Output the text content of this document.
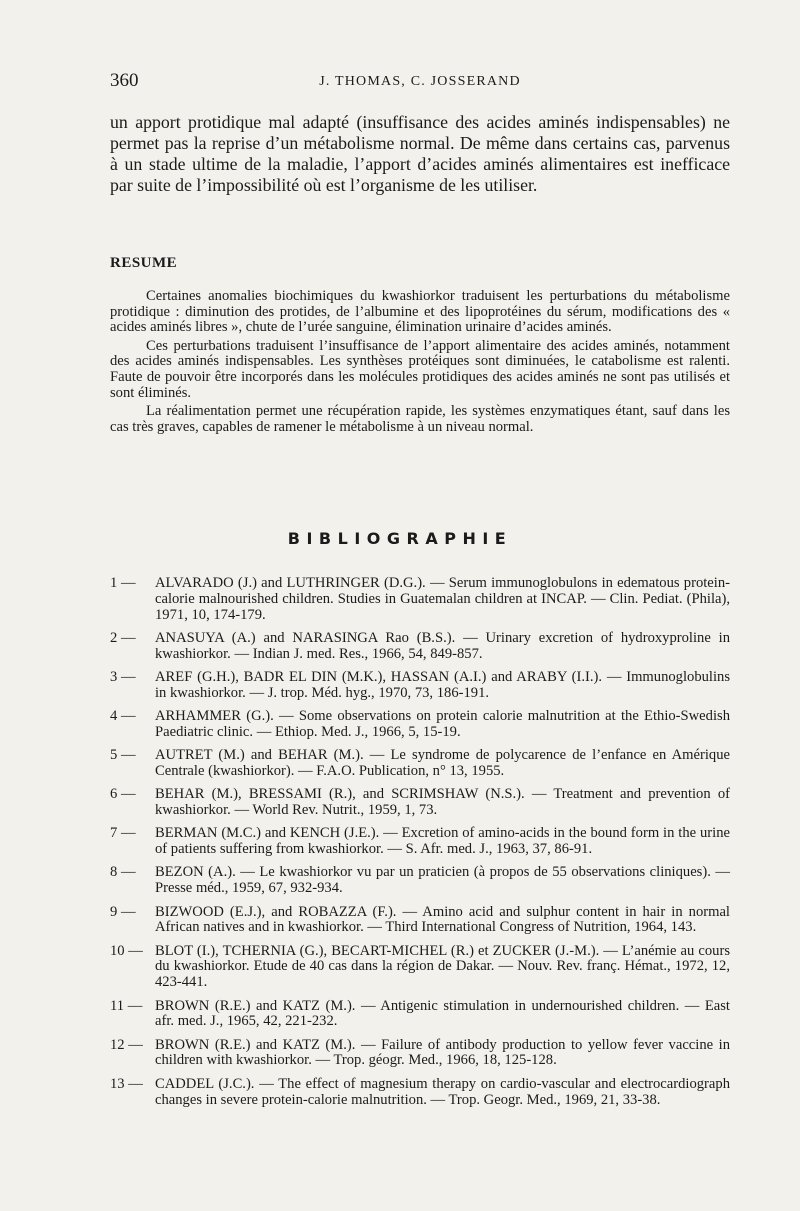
360	J. THOMAS, C. JOSSERAND

un apport protidique mal adapté (insuffisance des acides aminés indispensables) ne permet pas la reprise d’un métabolisme normal. De même dans certains cas, parvenus à un stade ultime de la maladie, l’apport d’acides aminés alimentaires est inefficace par suite de l’impossibilité où est l’organisme de les utiliser.

RESUME

Certaines anomalies biochimiques du kwashiorkor traduisent les perturbations du métabolisme protidique : diminution des protides, de l’albumine et des lipoprotéines du sérum, modifications des « acides aminés libres », chute de l’urée sanguine, élimination urinaire d’acides aminés.

Ces perturbations traduisent l’insuffisance de l’apport alimentaire des acides aminés, notamment des acides aminés indispensables. Les synthèses protéiques sont diminuées, le catabolisme est ralenti. Faute de pouvoir être incorporés dans les molécules protidiques des acides aminés ne sont pas utilisés et sont éliminés.

La réalimentation permet une récupération rapide, les systèmes enzymatiques étant, sauf dans les cas très graves, capables de ramener le métabolisme à un niveau normal.

BIBLIOGRAPHIE
1 —	ALVARADO (J.) and LUTHRINGER (D.G.). — Serum immunoglobulons in edematous protein-calorie malnourished children. Studies in Guatemalan children at INCAP. — Clin. Pediat. (Phila), 1971, 10, 174-179.
2 —	ANASUYA (A.) and NARASINGA Rao (B.S.). — Urinary excretion of hydroxyproline in kwashiorkor. — Indian J. med. Res., 1966, 54, 849-857.
3 —	AREF (G.H.), BADR EL DIN (M.K.), HASSAN (A.I.) and ARABY (I.I.). — Immunoglobulins in kwashiorkor. — J. trop. Méd. hyg., 1970, 73, 186-191.
4 —	ARHAMMER (G.). — Some observations on protein calorie malnutrition at the Ethio-Swedish Paediatric clinic. — Ethiop. Med. J., 1966, 5, 15-19.
5 —	AUTRET (M.) and BEHAR (M.). — Le syndrome de polycarence de l’enfance en Amérique Centrale (kwashiorkor). — F.A.O. Publication, n° 13, 1955.
6 —	BEHAR (M.), BRESSAMI (R.), and SCRIMSHAW (N.S.). — Treatment and prevention of kwashiorkor. — World Rev. Nutrit., 1959, 1, 73.
7 —	BERMAN (M.C.) and KENCH (J.E.). — Excretion of amino-acids in the bound form in the urine of patients suffering from kwashiorkor. — S. Afr. med. J., 1963, 37, 86-91.
8 —	BEZON (A.). — Le kwashiorkor vu par un praticien (à propos de 55 observations cliniques). — Presse méd., 1959, 67, 932-934.
9 —	BIZWOOD (E.J.), and ROBAZZA (F.). — Amino acid and sulphur content in hair in normal African natives and in kwashiorkor. — Third International Congress of Nutrition, 1964, 143.
10 — BLOT (I.), TCHERNIA (G.), BECART-MICHEL (R.) et ZUCKER (J.-M.). — L’anémie au cours du kwashiorkor. Etude de 40 cas dans la région de Dakar. — Nouv. Rev. franç. Hémat., 1972, 12, 423-441.
11 — BROWN (R.E.) and KATZ (M.). — Antigenic stimulation in undernourished children. — East afr. med. J., 1965, 42, 221-232.
12 — BROWN (R.E.) and KATZ (M.). — Failure of antibody production to yellow fever vaccine in children with kwashiorkor. — Trop. géogr. Med., 1966, 18, 125-128.
13 — CADDEL (J.C.). — The effect of magnesium therapy on cardio-vascular and electrocardiograph changes in severe protein-calorie malnutrition. — Trop. Geogr. Med., 1969, 21, 33-38.
